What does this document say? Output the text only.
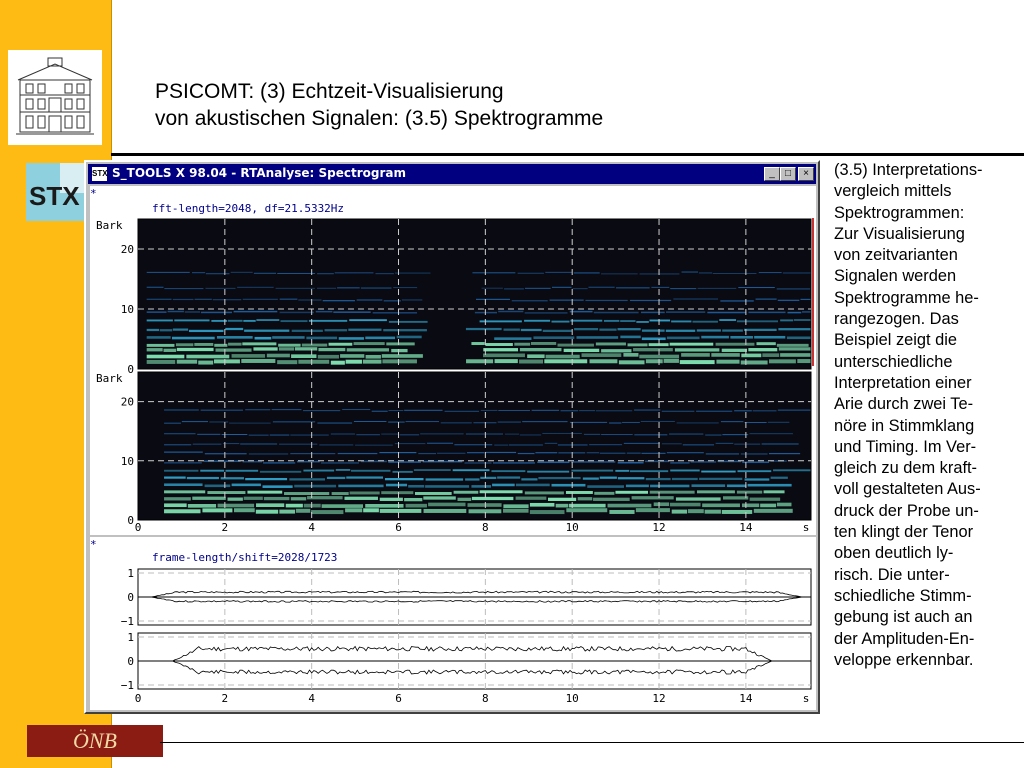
STX
ÖNB
PSICOMT: (3) Echtzeit-Visualisierung
von akustischen Signalen: (3.5) Spektrogramme
(3.5) Interpretations-
vergleich mittels
Spektrogrammen:
Zur Visualisierung
von zeitvarianten
Signalen werden
Spektrogramme he-
rangezogen. Das
Beispiel zeigt die
unterschiedliche
Interpretation einer
Arie durch zwei Te-
nöre in Stimmklang
und Timing. Im Ver-
gleich zu dem kraft-
voll gestalteten Aus-
druck der Probe un-
ten klingt der Tenor
oben deutlich ly-
risch. Die unter-
schiedliche Stimm-
gebung ist auch an
der Amplituden-En-
veloppe erkennbar.
STX S_TOOLS X 98.04 - RTAnalyse: Spectrogram	_	□	×
*
fft-length=2048, df=21.5332Hz
Bark
20
10
0
Bark
20
10
0
0	2	4	6	8	10	12	14	s
*
frame-length/shift=2028/1723
1
0
−1
1
0
−1
0	2	4	6	8	10	12	14	s
